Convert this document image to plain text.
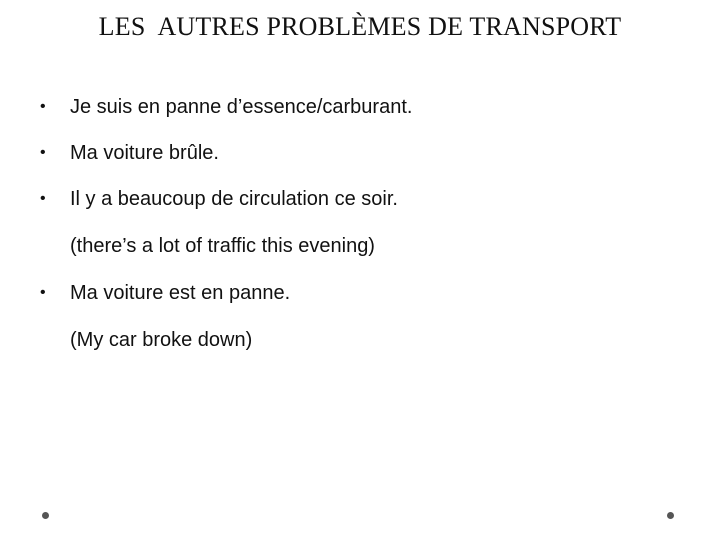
LES  AUTRES PROBLÈMES DE TRANSPORT
• Je suis en panne d’essence/carburant.
• Ma voiture brûle.
• Il y a beaucoup de circulation ce soir.
(there’s a lot of traffic this evening)
• Ma voiture est en panne.
(My car broke down)
